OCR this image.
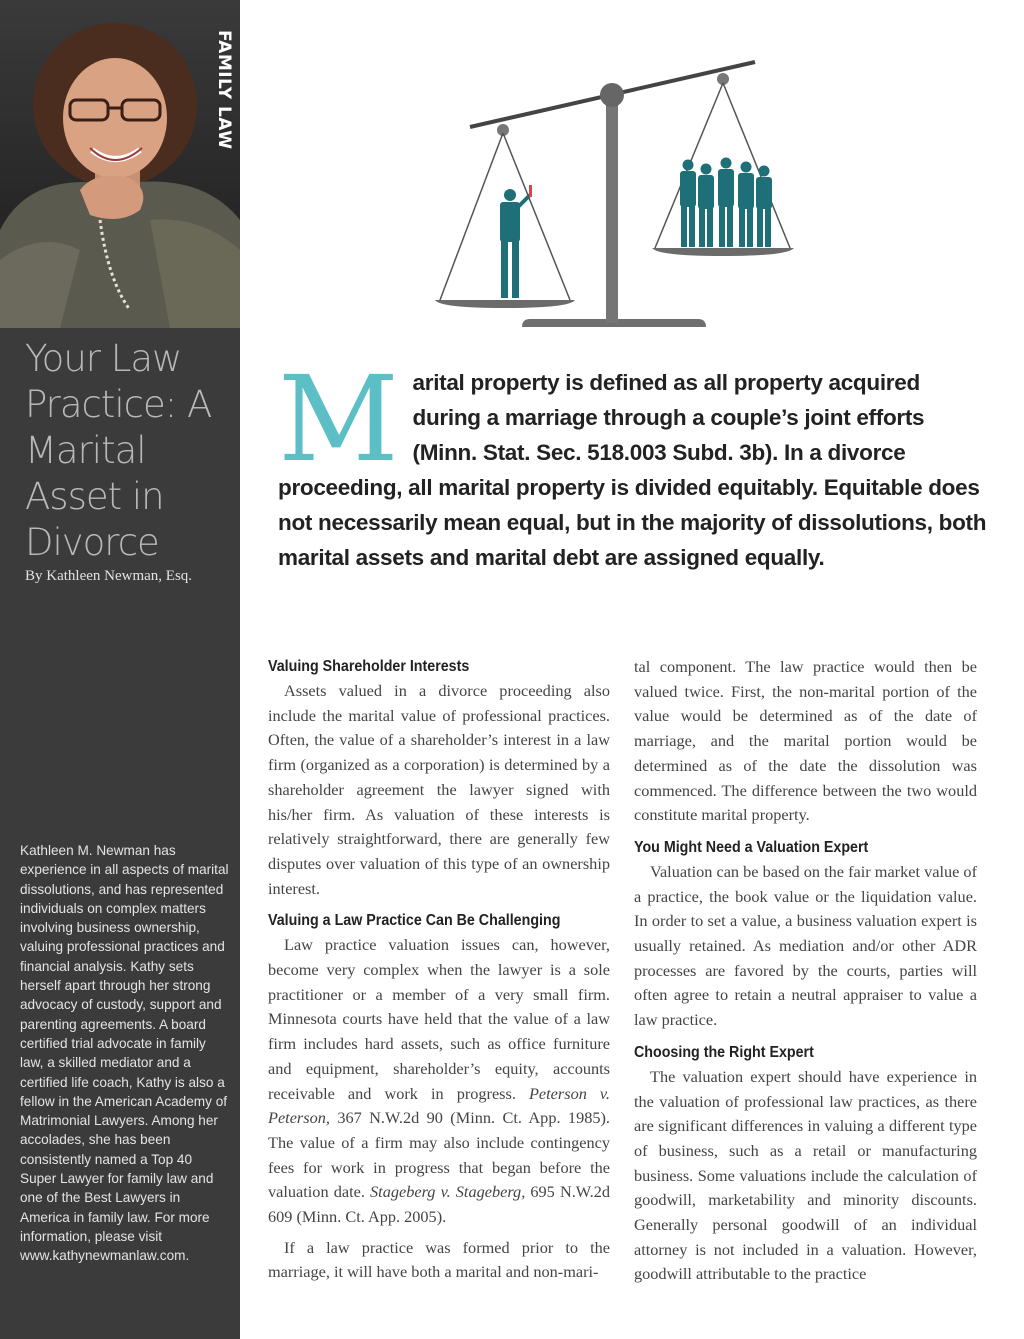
FAMILY LAW
Your Law Practice: A Marital Asset in Divorce
By Kathleen Newman, Esq.
Kathleen M. Newman has experience in all aspects of marital dissolutions, and has represented individuals on complex matters involving business ownership, valuing professional practices and financial analysis. Kathy sets herself apart through her strong advocacy of custody, support and parenting agreements. A board certified trial advocate in family law, a skilled mediator and a certified life coach, Kathy is also a fellow in the American Academy of Matrimonial Lawyers. Among her accolades, she has been consistently named a Top 40 Super Lawyer for family law and one of the Best Lawyers in America in family law. For more information, please visit www.kathynewmanlaw.com.
Marital property is defined as all property acquired during a marriage through a couple’s joint efforts (Minn. Stat. Sec. 518.003 Subd. 3b). In a divorce proceeding, all marital property is divided equitably. Equitable does not necessarily mean equal, but in the majority of dissolutions, both marital assets and marital debt are assigned equally.
Valuing Shareholder Interests

Assets valued in a divorce proceeding also include the marital value of professional practices. Often, the value of a shareholder’s interest in a law firm (organized as a corporation) is determined by a shareholder agreement the lawyer signed with his/her firm. As valuation of these interests is relatively straightforward, there are generally few disputes over valuation of this type of an ownership interest.

Valuing a Law Practice Can Be Challenging

Law practice valuation issues can, however, become very complex when the lawyer is a sole practitioner or a member of a very small firm. Minnesota courts have held that the value of a law firm includes hard assets, such as office furniture and equipment, shareholder’s equity, accounts receivable and work in progress. Peterson v. Peterson, 367 N.W.2d 90 (Minn. Ct. App. 1985). The value of a firm may also include contingency fees for work in progress that began before the valuation date. Stageberg v. Stageberg, 695 N.W.2d 609 (Minn. Ct. App. 2005).

If a law practice was formed prior to the marriage, it will have both a marital and non-mari-

tal component. The law practice would then be valued twice. First, the non-marital portion of the value would be determined as of the date of marriage, and the marital portion would be determined as of the date the dissolution was commenced. The difference between the two would constitute marital property.

You Might Need a Valuation Expert

Valuation can be based on the fair market value of a practice, the book value or the liquidation value. In order to set a value, a business valuation expert is usually retained. As mediation and/or other ADR processes are favored by the courts, parties will often agree to retain a neutral appraiser to value a law practice.

Choosing the Right Expert

The valuation expert should have experience in the valuation of professional law practices, as there are significant differences in valuing a different type of business, such as a retail or manufacturing business. Some valuations include the calculation of goodwill, marketability and minority discounts. Generally personal goodwill of an individual attorney is not included in a valuation. However, goodwill attributable to the practice
